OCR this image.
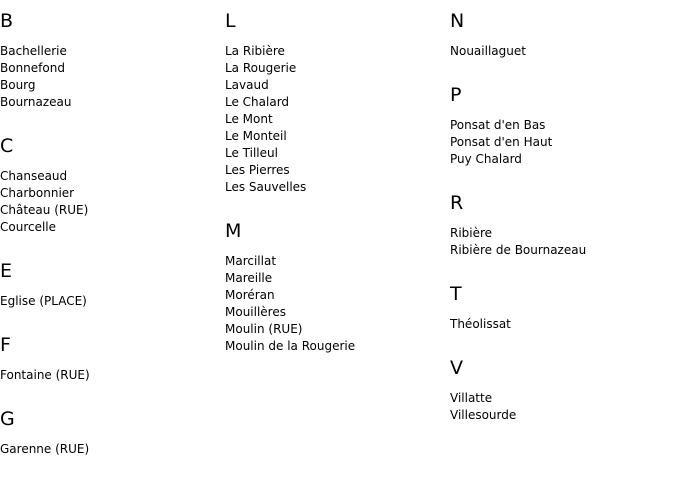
B
Bachellerie
Bonnefond
Bourg
Bournazeau
C
Chanseaud
Charbonnier
Château (RUE)
Courcelle
E
Eglise (PLACE)
F
Fontaine (RUE)
G
Garenne (RUE)
L
La Ribière
La Rougerie
Lavaud
Le Chalard
Le Mont
Le Monteil
Le Tilleul
Les Pierres
Les Sauvelles
M
Marcillat
Mareille
Moréran
Mouillères
Moulin (RUE)
Moulin de la Rougerie
N
Nouaillaguet
P
Ponsat d'en Bas
Ponsat d'en Haut
Puy Chalard
R
Ribière
Ribière de Bournazeau
T
Théolissat
V
Villatte
Villesourde
